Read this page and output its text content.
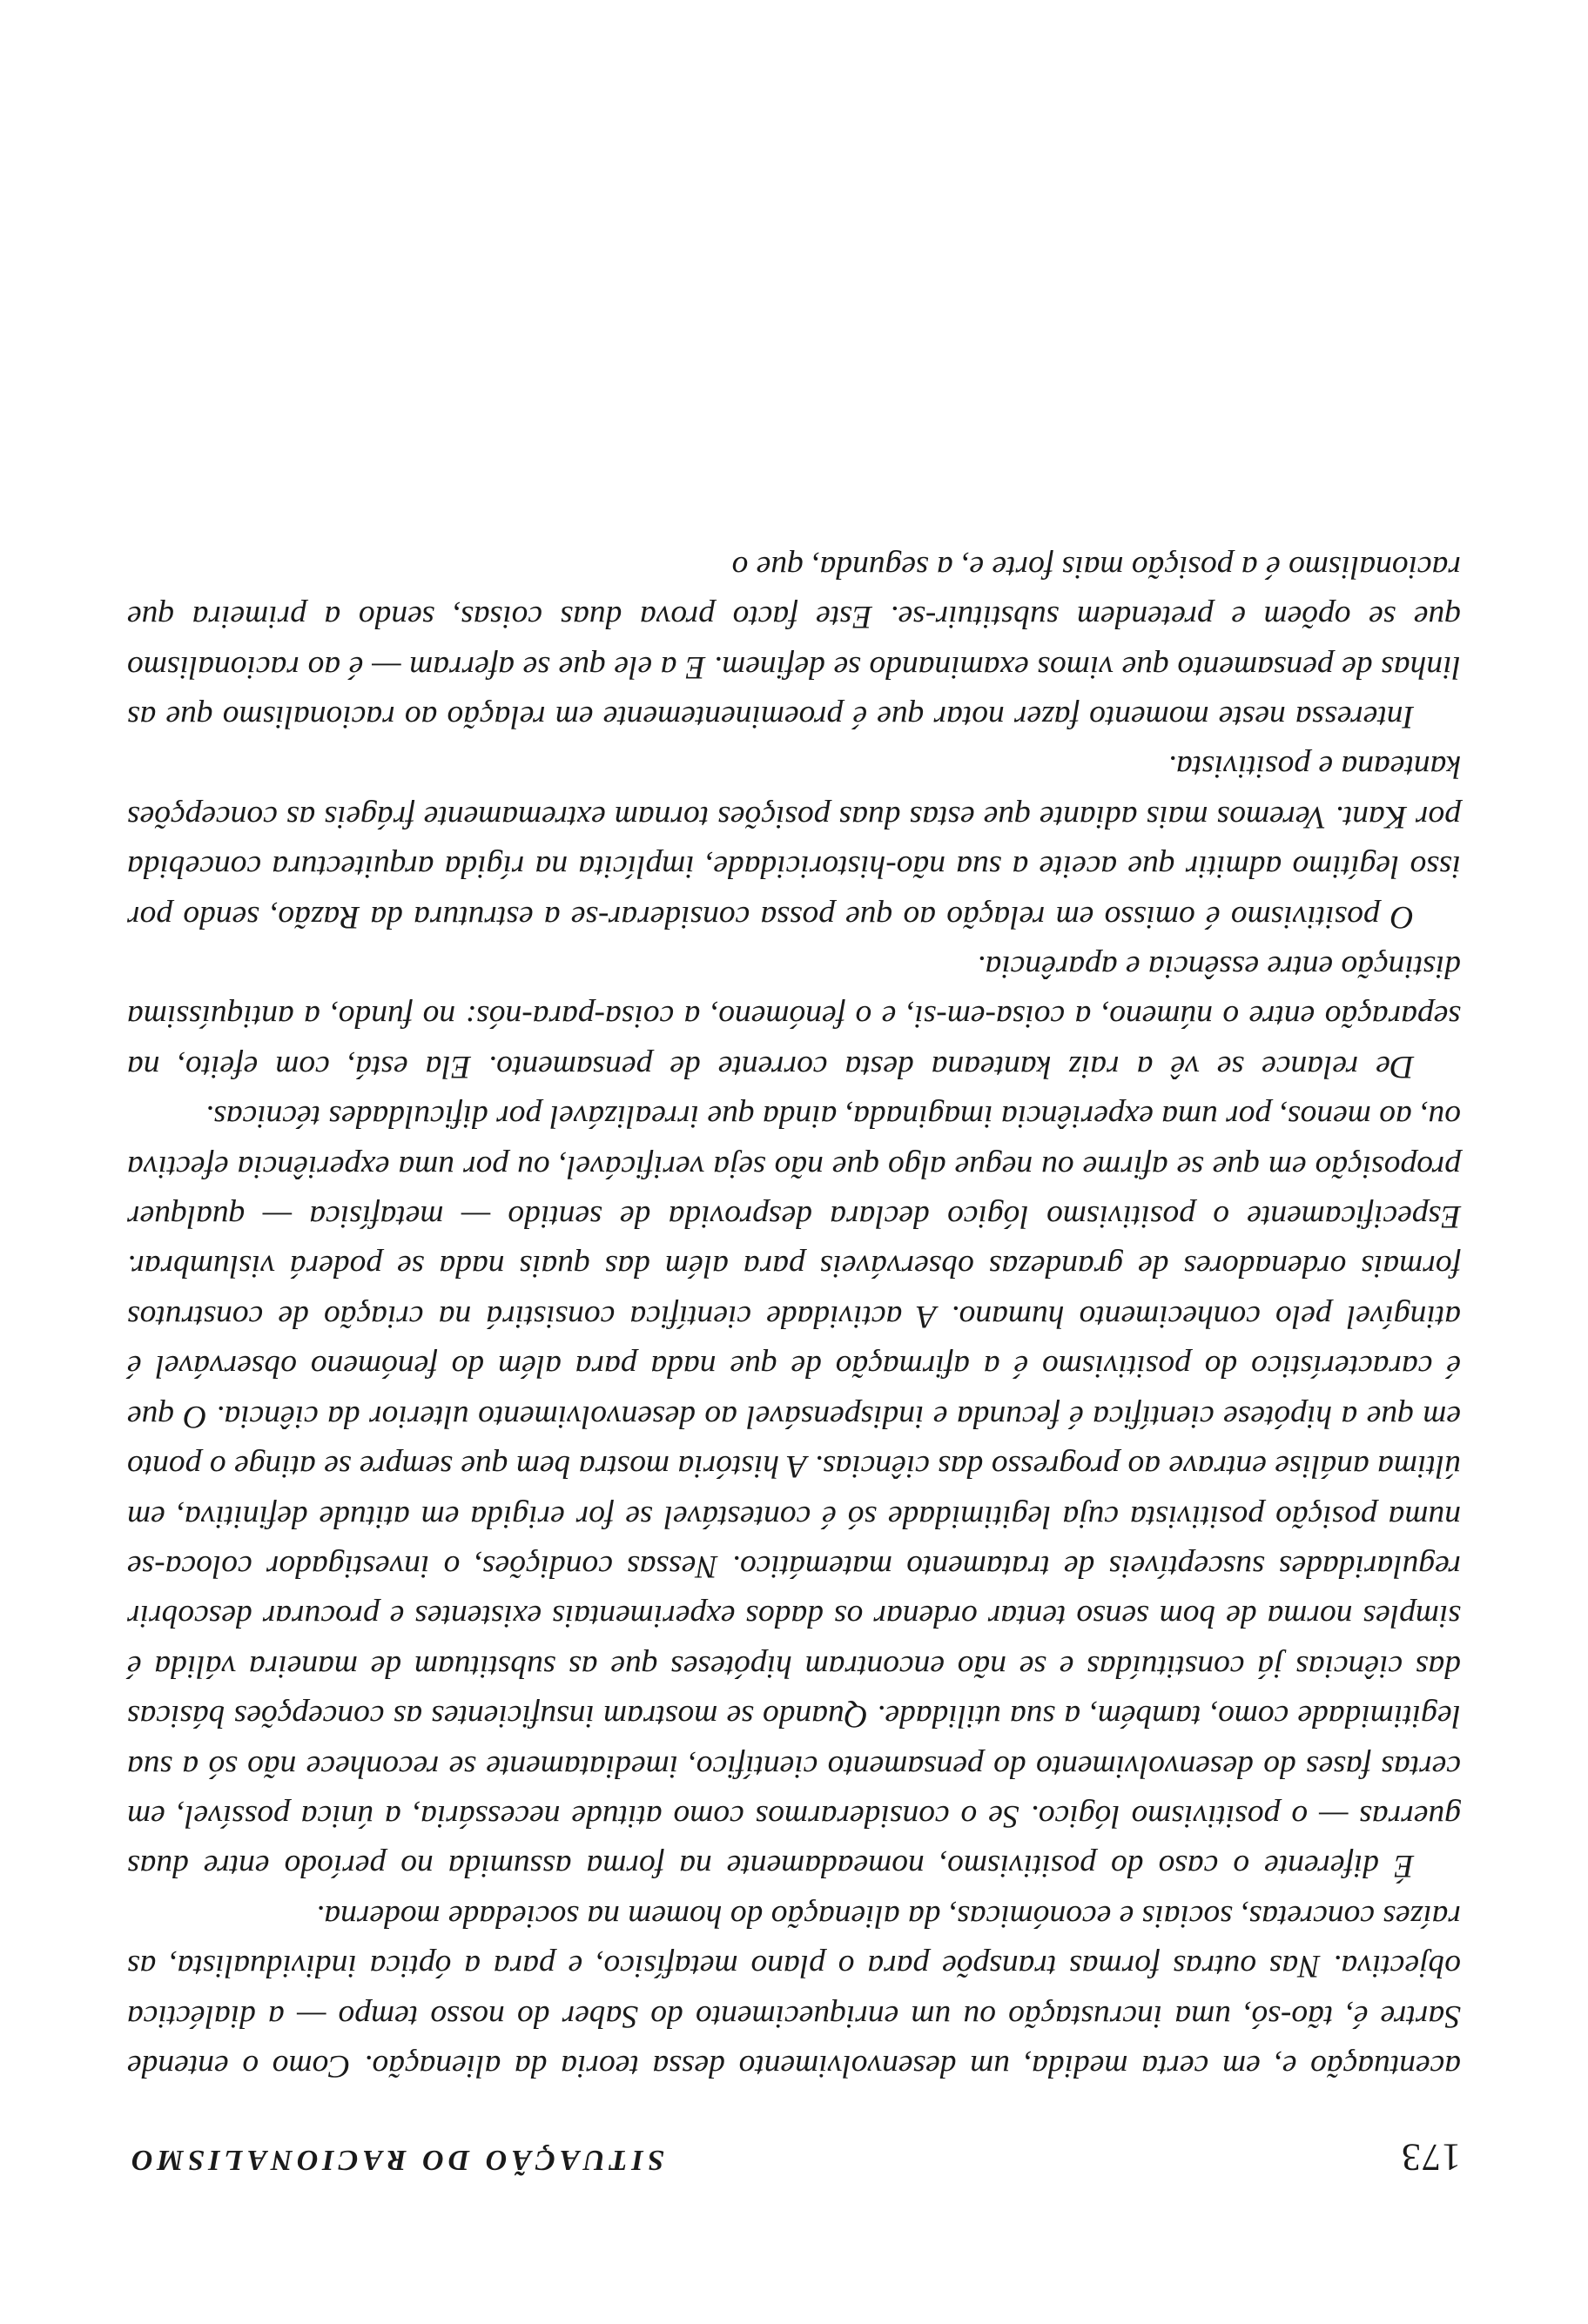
173
SITUAÇÃO DO RACIONALISMO

acentuação e, em certa medida, um desenvolvimento dessa teoria da alienação. Como o entende Sartre é, tão-só, uma incrustação ou um enriquecimento do Saber do nosso tempo — a dialéctica objectiva. Nas outras formas transpõe para o plano metafísico, e para a óptica individualista, as raízes concretas, sociais e económicas, da alienação do homem na sociedade moderna.

É diferente o caso do positivismo, nomeadamente na forma assumida no período entre duas guerras — o positivismo lógico. Se o considerarmos como atitude necessária, a única possível, em certas fases do desenvolvimento do pensamento científico, imediatamente se reconhece não só a sua legitimidade como, também, a sua utilidade. Quando se mostram insuficientes as concepções básicas das ciências já constituídas e se não encontram hipóteses que as substituam de maneira válida é simples norma de bom senso tentar ordenar os dados experimentais existentes e procurar descobrir regularidades susceptíveis de tratamento matemático. Nessas condições, o investigador coloca-se numa posição positivista cuja legitimidade só é contestável se for erigida em atitude definitiva, em última análise entrave ao progresso das ciências. A história mostra bem que sempre se atinge o ponto em que a hipótese científica é fecunda e indispensável ao desenvolvimento ulterior da ciência. O que é característico do positivismo é a afirmação de que nada para além do fenómeno observável é atingível pelo conhecimento humano. A actividade científica consistirá na criação de construtos formais ordenadores de grandezas observáveis para além das quais nada se poderá vislumbrar. Especificamente o positivismo lógico declara desprovida de sentido — metafísica — qualquer proposição em que se afirme ou negue algo que não seja verificável, ou por uma experiência efectiva ou, ao menos, por uma experiência imaginada, ainda que irrealizável por dificuldades técnicas.

De relance se vê a raiz kanteana desta corrente de pensamento. Ela está, com efeito, na separação entre o númeno, a coisa-em-si, e o fenómeno, a coisa-para-nós: no fundo, a antiquíssima distinção entre essência e aparência.

O positivismo é omisso em relação ao que possa considerar-se a estrutura da Razão, sendo por isso legítimo admitir que aceite a sua não-historicidade, implícita na rígida arquitectura concebida por Kant. Veremos mais adiante que estas duas posições tornam extremamente frágeis as concepções kanteana e positivista.

Interessa neste momento fazer notar que é proeminentemente em relação ao racionalismo que as linhas de pensamento que vimos examinando se definem. E a ele que se aferram — é ao racionalismo que se opõem e pretendem substituir-se. Este facto prova duas coisas, sendo a primeira que racionalismo é a posição mais forte e, a segunda, que o
